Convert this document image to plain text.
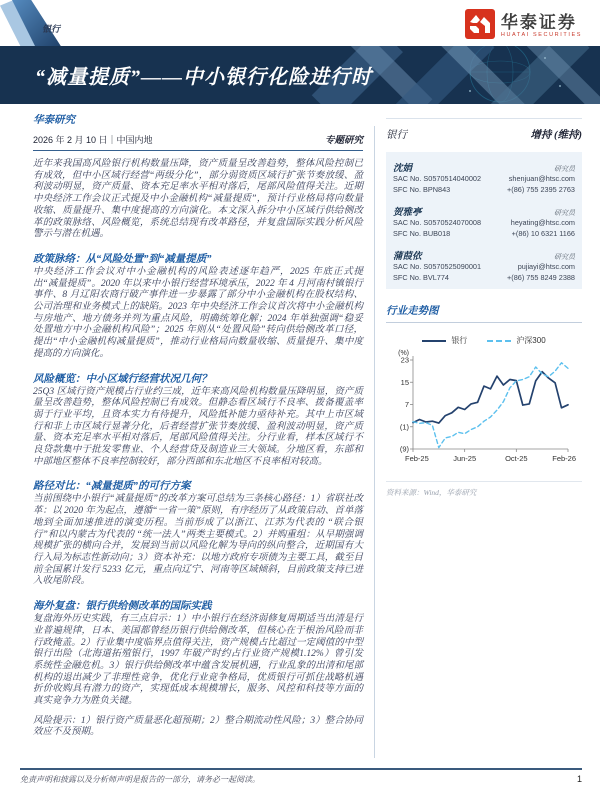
银行	华泰证券
HUATAI SECURITIES
“减量提质”——中小银行化险进行时
华泰研究
2026 年 2 月 10 日｜中国内地	专题研究
近年来我国高风险银行机构数量压降，资产质量呈改善趋势，整体风险控制已有成效，但中小区域行经营“两级分化”，部分弱资质区域行扩张节奏放缓、盈利波动明显，资产质量、资本充足率水平相对落后，尾部风险值得关注。近期中央经济工作会议正式提及中小金融机构“减量提质”，预计行业格局将向数量收缩、质量提升、集中度提高的方向演化。本文深入拆分中小区域行供给侧改革的政策脉络、风险概览，系统总结现有改革路径，并复盘国际实践分析风险警示与潜在机遇。
政策脉络：从“风险处置”到“减量提质”
中央经济工作会议对中小金融机构的风险表述逐年趋严，2025 年底正式提出“减量提质”。2020 年以来中小银行经营环境承压，2022 年 4 月河南村镇银行事件、8 月辽阳农商行破产事件进一步暴露了部分中小金融机构在股权结构、公司治理和业务模式上的缺陷。2023 年中央经济工作会议首次将中小金融机构与房地产、地方债务并列为重点风险，明确统筹化解；2024 年单独强调“稳妥处置地方中小金融机构风险”；2025 年则从“处置风险”转向供给侧改革口径，提出“中小金融机构减量提质”，推动行业格局向数量收缩、质量提升、集中度提高的方向演化。
风险概览：中小区域行经营状况几何？
25Q3 区域行资产规模占行业约三成，近年来高风险机构数量压降明显，资产质量呈改善趋势，整体风险控制已有成效。但静态看区域行不良率、拨备覆盖率弱于行业平均，且资本实力有待提升，风险抵补能力亟待补充。其中上市区域行和非上市区域行显著分化，后者经营扩张节奏放缓、盈利波动明显，资产质量、资本充足率水平相对落后，尾部风险值得关注。分行业看，样本区域行不良贷款集中于批发零售业、个人经营贷及制造业三大领域。分地区看，东部和中部地区整体不良率控制较好，部分西部和东北地区不良率相对较高。
路径对比：“减量提质”的可行方案
当前围绕中小银行“减量提质”的改革方案可总结为三条核心路径：1）省联社改革：以 2020 年为起点，遵循“一省一策”原则，有序经历了从政策启动、首单落地到全面加速推进的演变历程。当前形成了以浙江、江苏为代表的 “联合银行”和以内蒙古为代表的 “统一法人”两类主要模式。2）并购重组：从早期强调规模扩张的横向合并，发展到当前以风险化解为导向的纵向整合，近期国有大行入局为标志性新动向；3）资本补充：以地方政府专项债为主要工具，截至目前全国累计发行 5233 亿元，重点向辽宁、河南等区域倾斜，目前政策支持已进入收尾阶段。
海外复盘：银行供给侧改革的国际实践
复盘海外历史实践，有三点启示：1）中小银行在经济弱修复周期适当出清是行业普遍规律，日本、美国都曾经历银行供给侧改革，但核心在于根治风险而非行政掩盖。2）行业集中度临界点值得关注，资产规模占比超过一定阈值的中型银行出险（北海道拓殖银行，1997 年破产时约占行业资产规模1.12%）曾引发系统性金融危机。3）银行供给侧改革中蕴含发展机遇，行业乱象的出清和尾部机构的退出减少了非理性竞争，优化行业竞争格局，优质银行可抓住战略机遇折价收购具有潜力的资产，实现低成本规模增长，服务、风控和科技等方面的真实竞争力为胜负关键。
风险提示：1）银行资产质量恶化超预期；2）整合期流动性风险；3）整合协同效应不及预期。
银行	增持 (维持)
沈娟	研究员
SAC No. S0570514040002	shenjuan@htsc.com
SFC No. BPN843	+(86) 755 2395 2763
贺雅亭	研究员
SAC No. S0570524070008	heyating@htsc.com
SFC No. BUB018	+(86) 10 6321 1166
蒲葭依	研究员
SAC No. S0570525090001	pujiayi@htsc.com
SFC No. BVL774	+(86) 755 8249 2388
行业走势图
银行	沪深300
(%)
23
15
7
(1)
(9)
Feb-25	Jun-25	Oct-25	Feb-26
资料来源：Wind，华泰研究
免责声明和披露以及分析师声明是报告的一部分，请务必一起阅读。	1
